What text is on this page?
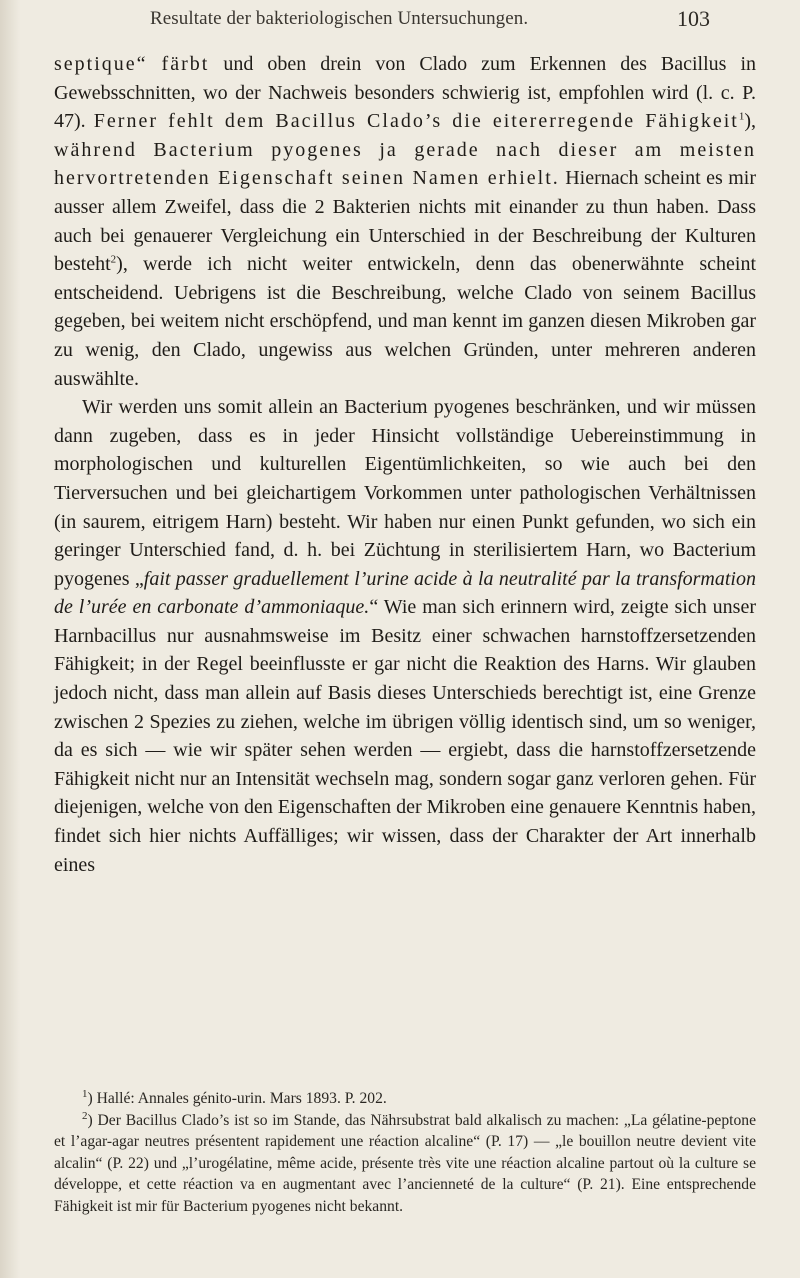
Resultate der bakteriologischen Untersuchungen.	103

septique“ färbt und oben drein von Clado zum Erkennen des Bacillus in Gewebsschnitten, wo der Nachweis besonders schwierig ist, empfohlen wird (l. c. P. 47). Ferner fehlt dem Bacillus Clado’s die eitererregende Fähigkeit$^1$), während Bacterium pyogenes ja gerade nach dieser am meisten hervortretenden Eigenschaft seinen Namen erhielt. Hiernach scheint es mir ausser allem Zweifel, dass die 2 Bakterien nichts mit einander zu thun haben. Dass auch bei genauerer Vergleichung ein Unterschied in der Beschreibung der Kulturen besteht$^2$), werde ich nicht weiter entwickeln, denn das obenerwähnte scheint entscheidend. Uebrigens ist die Beschreibung, welche Clado von seinem Bacillus gegeben, bei weitem nicht erschöpfend, und man kennt im ganzen diesen Mikroben gar zu wenig, den Clado, ungewiss aus welchen Gründen, unter mehreren anderen auswählte.

Wir werden uns somit allein an Bacterium pyogenes beschränken, und wir müssen dann zugeben, dass es in jeder Hinsicht vollständige Uebereinstimmung in morphologischen und kulturellen Eigentümlichkeiten, so wie auch bei den Tierversuchen und bei gleichartigem Vorkommen unter pathologischen Verhältnissen (in saurem, eitrigem Harn) besteht. Wir haben nur einen Punkt gefunden, wo sich ein geringer Unterschied fand, d. h. bei Züchtung in sterilisiertem Harn, wo Bacterium pyogenes „fait passer graduellement l’urine acide à la neutralité par la transformation de l’urée en carbonate d’ammoniaque.“ Wie man sich erinnern wird, zeigte sich unser Harnbacillus nur ausnahmsweise im Besitz einer schwachen harnstoffzersetzenden Fähigkeit; in der Regel beeinflusste er gar nicht die Reaktion des Harns. Wir glauben jedoch nicht, dass man allein auf Basis dieses Unterschieds berechtigt ist, eine Grenze zwischen 2 Spezies zu ziehen, welche im übrigen völlig identisch sind, um so weniger, da es sich — wie wir später sehen werden — ergiebt, dass die harnstoffzersetzende Fähigkeit nicht nur an Intensität wechseln mag, sondern sogar ganz verloren gehen. Für diejenigen, welche von den Eigenschaften der Mikroben eine genauere Kenntnis haben, findet sich hier nichts Auffälliges; wir wissen, dass der Charakter der Art innerhalb eines

$^1$) Hallé: Annales génito-urin. Mars 1893. P. 202.

$^2$) Der Bacillus Clado’s ist so im Stande, das Nährsubstrat bald alkalisch zu machen: „La gélatine-peptone et l’agar-agar neutres présentent rapidement une réaction alcaline“ (P. 17) — „le bouillon neutre devient vite alcalin“ (P. 22) und „l’urogélatine, même acide, présente très vite une réaction alcaline partout où la culture se développe, et cette réaction va en augmentant avec l’ancienneté de la culture“ (P. 21). Eine entsprechende Fähigkeit ist mir für Bacterium pyogenes nicht bekannt.
